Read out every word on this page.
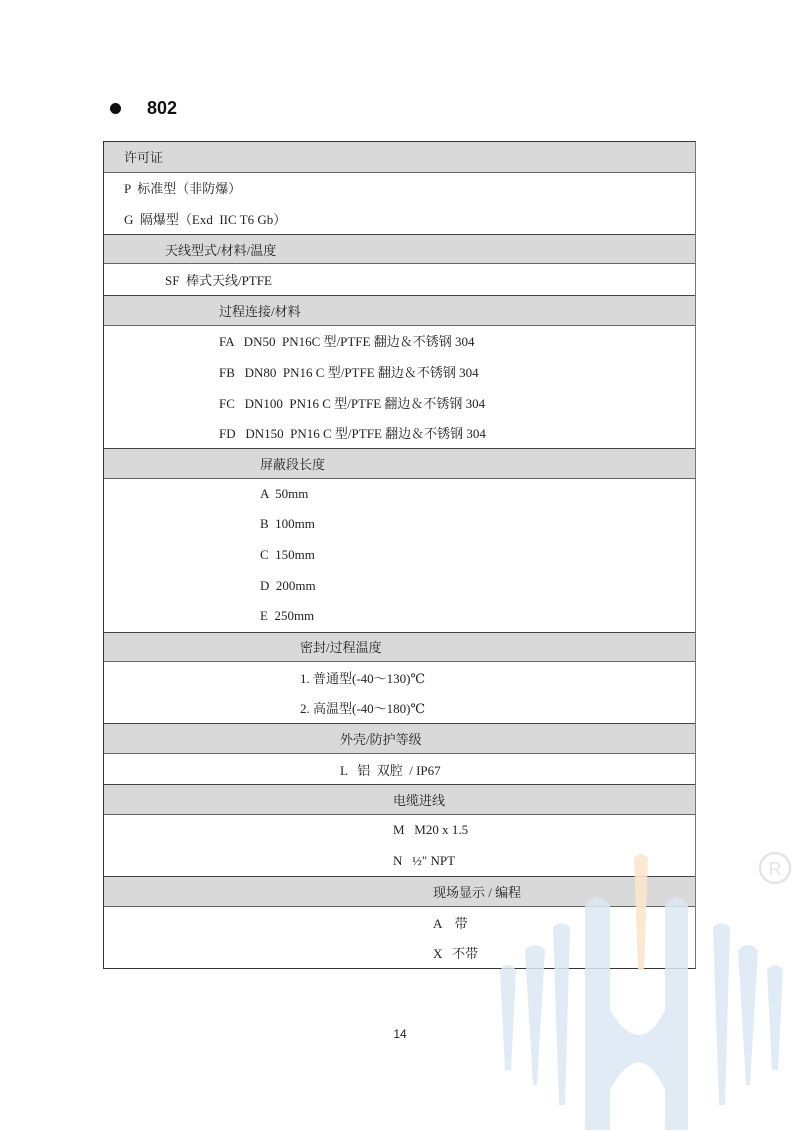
802
许可证
P  标准型（非防爆）
G  隔爆型（Exd  IIC T6 Gb）
天线型式/材料/温度
SF  棒式天线/PTFE
过程连接/材料
FA   DN50  PN16C 型/PTFE 翻边＆不锈钢 304
FB   DN80  PN16 C 型/PTFE 翻边＆不锈钢 304
FC   DN100  PN16 C 型/PTFE 翻边＆不锈钢 304
FD   DN150  PN16 C 型/PTFE 翻边＆不锈钢 304
屏蔽段长度
A  50mm
B  100mm
C  150mm
D  200mm
E  250mm
密封/过程温度
1. 普通型(-40～130)℃
2. 高温型(-40～180)℃
外壳/防护等级
L   铝  双腔  / IP67
电缆进线
M   M20 x 1.5
N   ½" NPT
现场显示 / 编程
A    带
X   不带
R
14
